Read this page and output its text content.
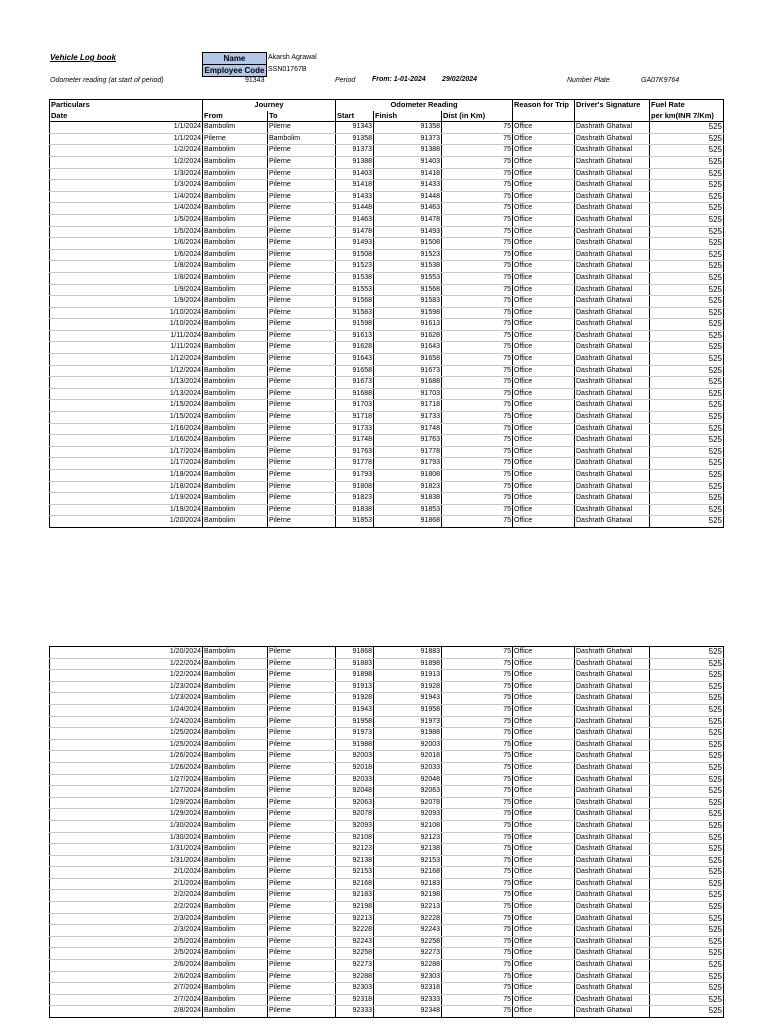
Vehicle Log book	Name	Akarsh Agrawal
Employee Code SSN01767B
Odometer reading (at start of period)	91343	Period From: 1-01-2024 29/02/2024	Number Plate	GA07K9764
Particulars	Journey		Odometer Reading			Reason for Trip	Driver's Signature	Fuel Rate
Date	From	To	Start	Finish	Dist (in Km)			per km(INR 7/Km)
1/1/2024	Bambolim	Pilerne	91343	91358	75	Office	Dashrath Ghatwal	525
1/1/2024	Pilerne	Bambolim	91358	91373	75	Office	Dashrath Ghatwal	525
1/2/2024	Bambolim	Pilerne	91373	91388	75	Office	Dashrath Ghatwal	525
1/2/2024	Bambolim	Pilerne	91388	91403	75	Office	Dashrath Ghatwal	525
1/3/2024	Bambolim	Pilerne	91403	91418	75	Office	Dashrath Ghatwal	525
1/3/2024	Bambolim	Pilerne	91418	91433	75	Office	Dashrath Ghatwal	525
1/4/2024	Bambolim	Pilerne	91433	91448	75	Office	Dashrath Ghatwal	525
1/4/2024	Bambolim	Pilerne	91448	91463	75	Office	Dashrath Ghatwal	525
1/5/2024	Bambolim	Pilerne	91463	91478	75	Office	Dashrath Ghatwal	525
1/5/2024	Bambolim	Pilerne	91478	91493	75	Office	Dashrath Ghatwal	525
1/6/2024	Bambolim	Pilerne	91493	91508	75	Office	Dashrath Ghatwal	525
1/6/2024	Bambolim	Pilerne	91508	91523	75	Office	Dashrath Ghatwal	525
1/8/2024	Bambolim	Pilerne	91523	91538	75	Office	Dashrath Ghatwal	525
1/8/2024	Bambolim	Pilerne	91538	91553	75	Office	Dashrath Ghatwal	525
1/9/2024	Bambolim	Pilerne	91553	91568	75	Office	Dashrath Ghatwal	525
1/9/2024	Bambolim	Pilerne	91568	91583	75	Office	Dashrath Ghatwal	525
1/10/2024	Bambolim	Pilerne	91583	91598	75	Office	Dashrath Ghatwal	525
1/10/2024	Bambolim	Pilerne	91598	91613	75	Office	Dashrath Ghatwal	525
1/11/2024	Bambolim	Pilerne	91613	91628	75	Office	Dashrath Ghatwal	525
1/11/2024	Bambolim	Pilerne	91628	91643	75	Office	Dashrath Ghatwal	525
1/12/2024	Bambolim	Pilerne	91643	91658	75	Office	Dashrath Ghatwal	525
1/12/2024	Bambolim	Pilerne	91658	91673	75	Office	Dashrath Ghatwal	525
1/13/2024	Bambolim	Pilerne	91673	91688	75	Office	Dashrath Ghatwal	525
1/13/2024	Bambolim	Pilerne	91688	91703	75	Office	Dashrath Ghatwal	525
1/15/2024	Bambolim	Pilerne	91703	91718	75	Office	Dashrath Ghatwal	525
1/15/2024	Bambolim	Pilerne	91718	91733	75	Office	Dashrath Ghatwal	525
1/16/2024	Bambolim	Pilerne	91733	91748	75	Office	Dashrath Ghatwal	525
1/16/2024	Bambolim	Pilerne	91748	91763	75	Office	Dashrath Ghatwal	525
1/17/2024	Bambolim	Pilerne	91763	91778	75	Office	Dashrath Ghatwal	525
1/17/2024	Bambolim	Pilerne	91778	91793	75	Office	Dashrath Ghatwal	525
1/18/2024	Bambolim	Pilerne	91793	91808	75	Office	Dashrath Ghatwal	525
1/18/2024	Bambolim	Pilerne	91808	91823	75	Office	Dashrath Ghatwal	525
1/19/2024	Bambolim	Pilerne	91823	91838	75	Office	Dashrath Ghatwal	525
1/19/2024	Bambolim	Pilerne	91838	91853	75	Office	Dashrath Ghatwal	525
1/20/2024	Bambolim	Pilerne	91853	91868	75	Office	Dashrath Ghatwal	525
1/20/2024	Bambolim	Pilerne	91868	91883	75	Office	Dashrath Ghatwal	525
1/22/2024	Bambolim	Pilerne	91883	91898	75	Office	Dashrath Ghatwal	525
1/22/2024	Bambolim	Pilerne	91898	91913	75	Office	Dashrath Ghatwal	525
1/23/2024	Bambolim	Pilerne	91913	91928	75	Office	Dashrath Ghatwal	525
1/23/2024	Bambolim	Pilerne	91928	91943	75	Office	Dashrath Ghatwal	525
1/24/2024	Bambolim	Pilerne	91943	91958	75	Office	Dashrath Ghatwal	525
1/24/2024	Bambolim	Pilerne	91958	91973	75	Office	Dashrath Ghatwal	525
1/25/2024	Bambolim	Pilerne	91973	91988	75	Office	Dashrath Ghatwal	525
1/25/2024	Bambolim	Pilerne	91988	92003	75	Office	Dashrath Ghatwal	525
1/26/2024	Bambolim	Pilerne	92003	92018	75	Office	Dashrath Ghatwal	525
1/26/2024	Bambolim	Pilerne	92018	92033	75	Office	Dashrath Ghatwal	525
1/27/2024	Bambolim	Pilerne	92033	92048	75	Office	Dashrath Ghatwal	525
1/27/2024	Bambolim	Pilerne	92048	92063	75	Office	Dashrath Ghatwal	525
1/29/2024	Bambolim	Pilerne	92063	92078	75	Office	Dashrath Ghatwal	525
1/29/2024	Bambolim	Pilerne	92078	92093	75	Office	Dashrath Ghatwal	525
1/30/2024	Bambolim	Pilerne	92093	92108	75	Office	Dashrath Ghatwal	525
1/30/2024	Bambolim	Pilerne	92108	92123	75	Office	Dashrath Ghatwal	525
1/31/2024	Bambolim	Pilerne	92123	92138	75	Office	Dashrath Ghatwal	525
1/31/2024	Bambolim	Pilerne	92138	92153	75	Office	Dashrath Ghatwal	525
2/1/2024	Bambolim	Pilerne	92153	92168	75	Office	Dashrath Ghatwal	525
2/1/2024	Bambolim	Pilerne	92168	92183	75	Office	Dashrath Ghatwal	525
2/2/2024	Bambolim	Pilerne	92183	92198	75	Office	Dashrath Ghatwal	525
2/2/2024	Bambolim	Pilerne	92198	92213	75	Office	Dashrath Ghatwal	525
2/3/2024	Bambolim	Pilerne	92213	92228	75	Office	Dashrath Ghatwal	525
2/3/2024	Bambolim	Pilerne	92228	92243	75	Office	Dashrath Ghatwal	525
2/5/2024	Bambolim	Pilerne	92243	92258	75	Office	Dashrath Ghatwal	525
2/5/2024	Bambolim	Pilerne	92258	92273	75	Office	Dashrath Ghatwal	525
2/6/2024	Bambolim	Pilerne	92273	92288	75	Office	Dashrath Ghatwal	525
2/6/2024	Bambolim	Pilerne	92288	92303	75	Office	Dashrath Ghatwal	525
2/7/2024	Bambolim	Pilerne	92303	92318	75	Office	Dashrath Ghatwal	525
2/7/2024	Bambolim	Pilerne	92318	92333	75	Office	Dashrath Ghatwal	525
2/8/2024	Bambolim	Pilerne	92333	92348	75	Office	Dashrath Ghatwal	525
